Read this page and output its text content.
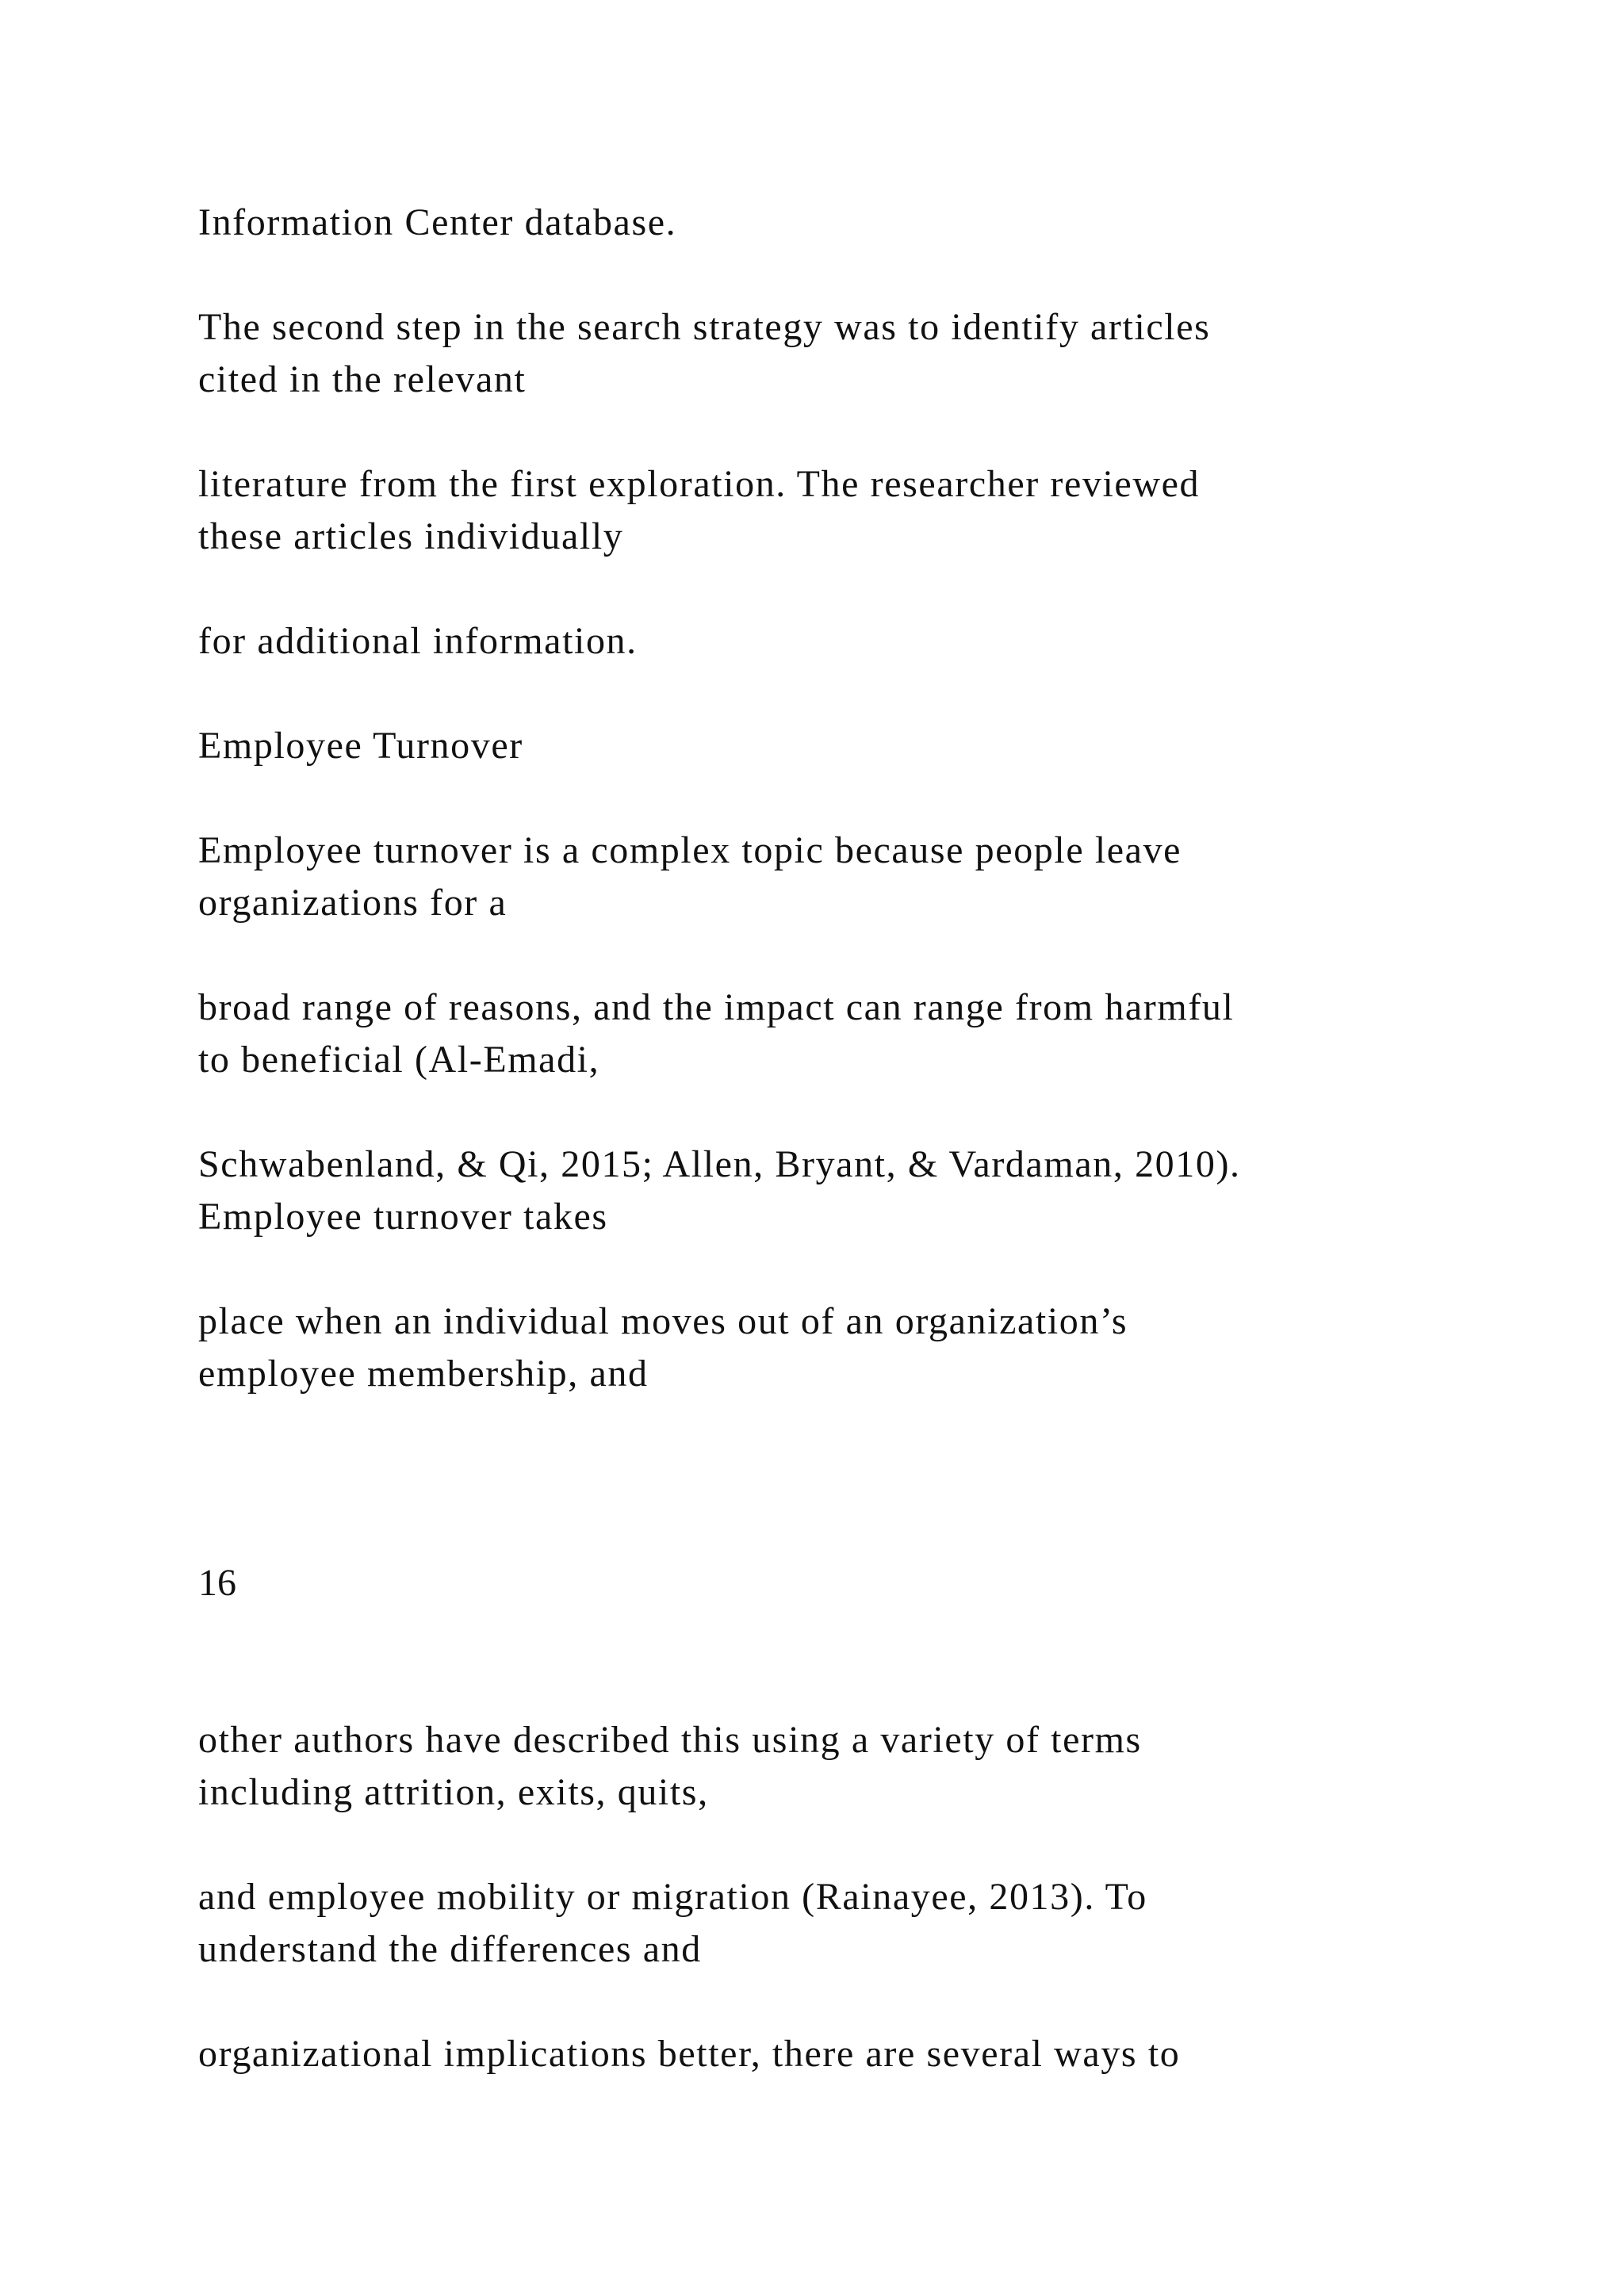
Information Center database.

The second step in the search strategy was to identify articles

cited in the relevant

literature from the first exploration. The researcher reviewed

these articles individually

for additional information.

Employee Turnover

Employee turnover is a complex topic because people leave

organizations for a

broad range of reasons, and the impact can range from harmful

to beneficial (Al-Emadi,

Schwabenland, & Qi, 2015; Allen, Bryant, & Vardaman, 2010).

Employee turnover takes

place when an individual moves out of an organization’s

employee membership, and

16

other authors have described this using a variety of terms

including attrition, exits, quits,

and employee mobility or migration (Rainayee, 2013). To

understand the differences and

organizational implications better, there are several ways to
